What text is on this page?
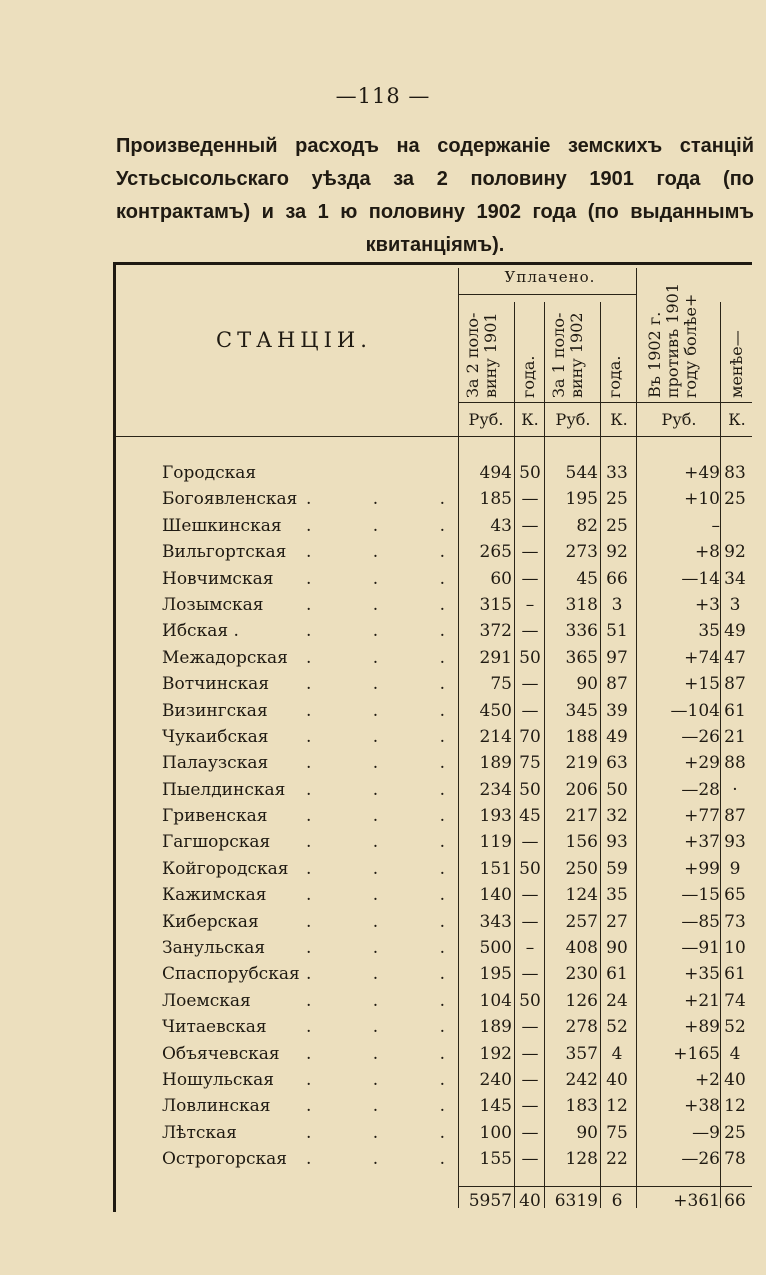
—118 —
Произведенный расходъ на содержаніе земскихъ станцій Устьсысольскаго уѣзда за 2 половину 1901 года (по контрактамъ) и за 1 ю половину 1902 года (по выданнымъ квитанціямъ).
СТАНЦІИ.
Уплачено.
За 2 поло- вину 1901 года. За 1 поло- вину 1902 года. Въ 1902 г. противъ 1901 году болѣе+	менѣе—
Руб.	К.	Руб.	К.	Руб.	К.
Городская	494 50	544 33	+49 83
Богоявленская	185 —	195 25	+10 25
. . .
Шешкинская	43 —	82 25	–
. . .
Вильгортская	265 —	273 92	+8 92
. . .
Новчимская	60 —	45 66	—14 34
. . .
Лозымская	315 –	318 3	+3 3
. . .
Ибская .	372 —	336 51	35 49
. . .
Межадорская	291 50	365 97	+74 47
. . .
Вотчинская	75 —	90 87	+15 87
. . .
Визингская	450 —	345 39	—104 61
. . .
Чукаибская	214 70	188 49	—26 21
. . .
Палаузская	189 75	219 63	+29 88
. . .
Пыелдинская	234 50	206 50	—28 ·
. . .
Гривенская	193 45	217 32	+77 87
. . .
Гагшорская	119 —	156 93	+37 93
. . .
Койгородская	151 50	250 59	+99 9
. . .
Кажимская	140 —	124 35	—15 65
. . .
Киберская	343 —	257 27	—85 73
. . .
Занульская	500 –	408 90	—91 10
. . .
Спаспорубская	195 —	230 61	+35 61
. . .
Лоемская	104 50	126 24	+21 74
. . .
Читаевская	189 —	278 52	+89 52
. . .
Объячевская	192 —	357 4	+165 4
. . .
Ношульская	240 —	242 40	+2 40
. . .
Ловлинская	145 —	183 12	+38 12
. . .
Лѣтская	100 —	90 75	—9 25
. . .
Острогорская	155 —	128 22	—26 78
. . .
5957 40 6319 6	+361 66
